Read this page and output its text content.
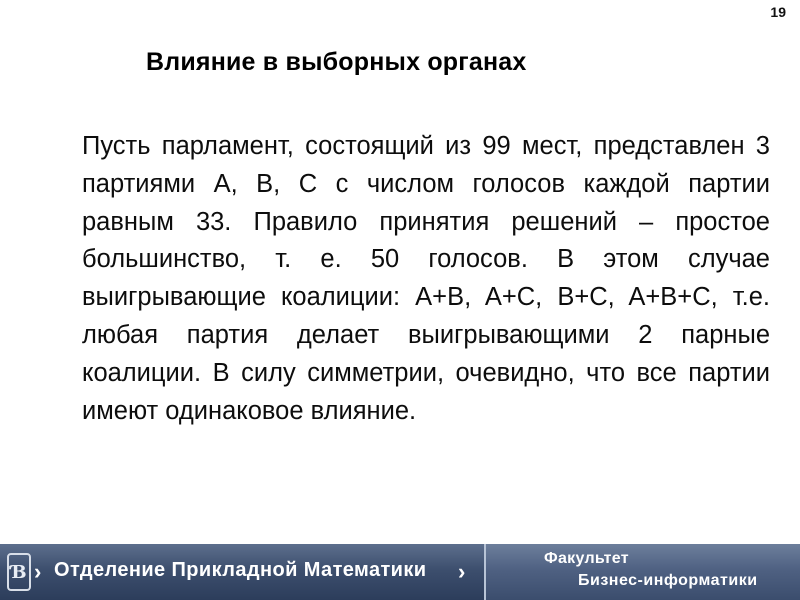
19
Влияние в выборных органах

Пусть парламент, состоящий из 99 мест, представлен 3 партиями A, B, C с числом голосов каждой партии равным 33. Правило принятия решений – простое большинство, т. е. 50 голосов. В этом случае выигрывающие коалиции: A+B, A+C, B+C, A+B+C, т.е. любая партия делает выигрывающими 2 парные коалиции. В силу симметрии, очевидно, что все партии имеют одинаковое влияние.

Ɓ › Отделение Прикладной Математики ›
Факультет
Бизнес-информатики
